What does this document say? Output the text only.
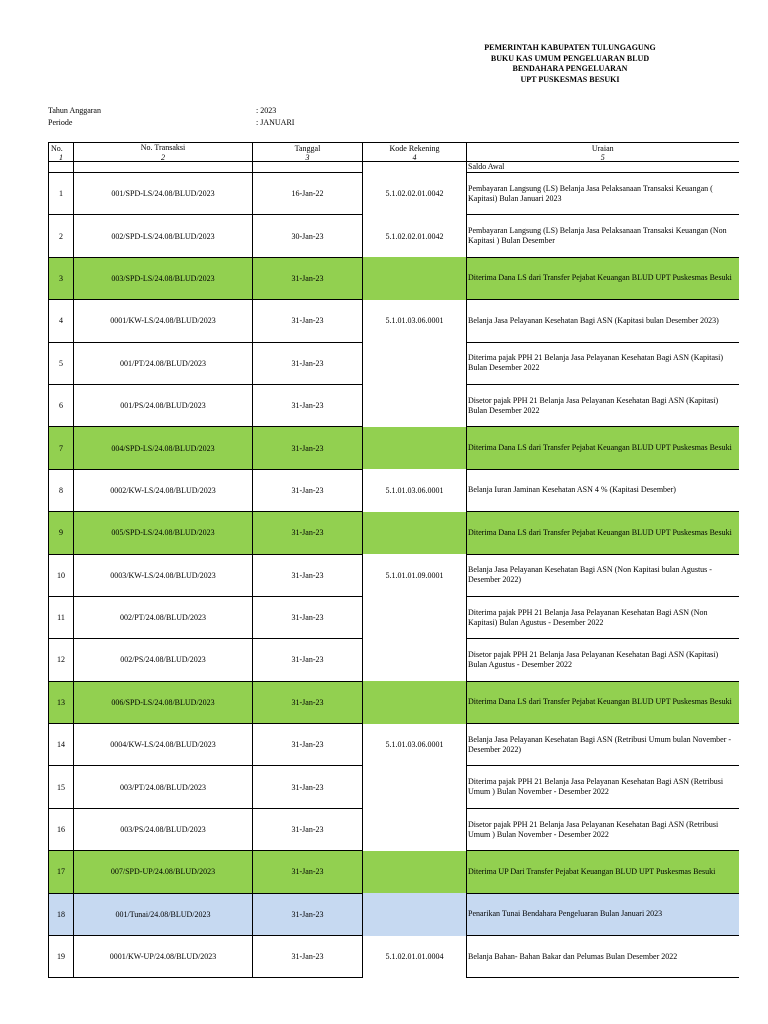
PEMERINTAH KABUPATEN TULUNGAGUNG
BUKU KAS UMUM PENGELUARAN BLUD
BENDAHARA PENGELUARAN
UPT PUSKESMAS BESUKI
Tahun Anggaran	: 2023
Periode	: JANUARI
No.	No. Transaksi	Tanggal	Kode Rekening	Uraian
1	2	3	4	5
				Saldo Awal
1	001/SPD-LS/24.08/BLUD/2023	16-Jan-22	5.1.02.02.01.0042	Pembayaran Langsung (LS) Belanja Jasa Pelaksanaan Transaksi Keuangan ( Kapitasi) Bulan Januari 2023
2	002/SPD-LS/24.08/BLUD/2023	30-Jan-23	5.1.02.02.01.0042	Pembayaran Langsung (LS) Belanja Jasa Pelaksanaan Transaksi Keuangan (Non Kapitasi ) Bulan Desember
3	003/SPD-LS/24.08/BLUD/2023	31-Jan-23		Diterima Dana LS dari Transfer Pejabat Keuangan BLUD UPT Puskesmas Besuki
4	0001/KW-LS/24.08/BLUD/2023	31-Jan-23	5.1.01.03.06.0001	Belanja Jasa Pelayanan Kesehatan Bagi ASN (Kapitasi bulan Desember 2023)
5	001/PT/24.08/BLUD/2023	31-Jan-23		Diterima pajak PPH 21 Belanja Jasa Pelayanan Kesehatan Bagi ASN (Kapitasi) Bulan Desember 2022
6	001/PS/24.08/BLUD/2023	31-Jan-23		Disetor pajak PPH 21 Belanja Jasa Pelayanan Kesehatan Bagi ASN (Kapitasi) Bulan Desember 2022
7	004/SPD-LS/24.08/BLUD/2023	31-Jan-23		Diterima Dana LS dari Transfer Pejabat Keuangan BLUD UPT Puskesmas Besuki
8	0002/KW-LS/24.08/BLUD/2023	31-Jan-23	5.1.01.03.06.0001	Belanja Iuran Jaminan Kesehatan ASN 4 % (Kapitasi Desember)
9	005/SPD-LS/24.08/BLUD/2023	31-Jan-23		Diterima Dana LS dari Transfer Pejabat Keuangan BLUD UPT Puskesmas Besuki
10	0003/KW-LS/24.08/BLUD/2023	31-Jan-23	5.1.01.01.09.0001	Belanja Jasa Pelayanan Kesehatan Bagi ASN (Non Kapitasi bulan Agustus - Desember 2022)
11	002/PT/24.08/BLUD/2023	31-Jan-23		Diterima pajak PPH 21 Belanja Jasa Pelayanan Kesehatan Bagi ASN (Non Kapitasi) Bulan Agustus - Desember 2022
12	002/PS/24.08/BLUD/2023	31-Jan-23		Disetor pajak PPH 21 Belanja Jasa Pelayanan Kesehatan Bagi ASN (Kapitasi) Bulan Agustus - Desember 2022
13	006/SPD-LS/24.08/BLUD/2023	31-Jan-23		Diterima Dana LS dari Transfer Pejabat Keuangan BLUD UPT Puskesmas Besuki
14	0004/KW-LS/24.08/BLUD/2023	31-Jan-23	5.1.01.03.06.0001	Belanja Jasa Pelayanan Kesehatan Bagi ASN (Retribusi Umum bulan November - Desember 2022)
15	003/PT/24.08/BLUD/2023	31-Jan-23		Diterima pajak PPH 21 Belanja Jasa Pelayanan Kesehatan Bagi ASN (Retribusi Umum ) Bulan November - Desember 2022
16	003/PS/24.08/BLUD/2023	31-Jan-23		Disetor pajak PPH 21 Belanja Jasa Pelayanan Kesehatan Bagi ASN (Retribusi Umum ) Bulan November - Desember 2022
17	007/SPD-UP/24.08/BLUD/2023	31-Jan-23		Diterima UP Dari Transfer Pejabat Keuangan BLUD UPT Puskesmas Besuki
18	001/Tunai/24.08/BLUD/2023	31-Jan-23		Penarikan Tunai Bendahara Pengeluaran Bulan Januari 2023
19	0001/KW-UP/24.08/BLUD/2023	31-Jan-23	5.1.02.01.01.0004	Belanja Bahan- Bahan Bakar dan Pelumas Bulan Desember 2022
